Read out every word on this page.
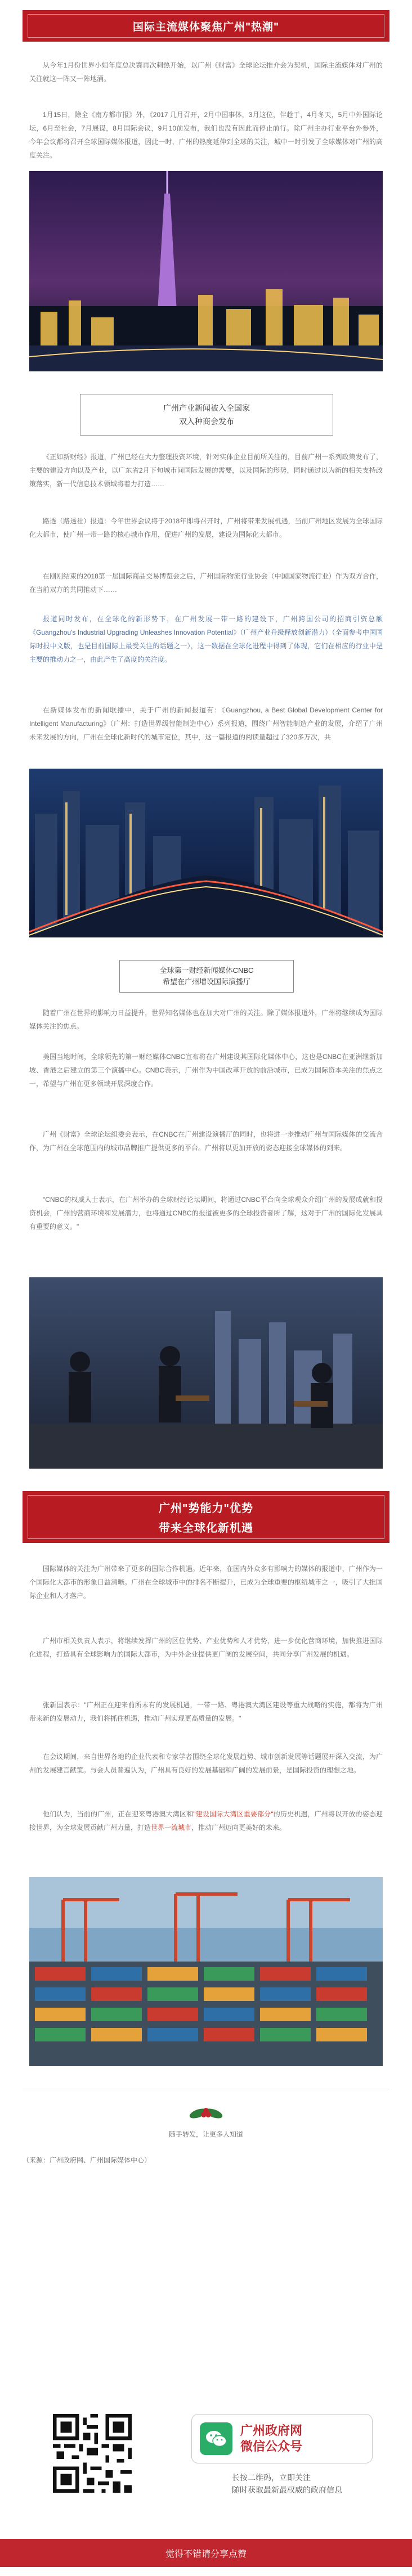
国际主流媒体聚焦广州"热潮"

从今年1月份世界小姐年度总决赛再次刺热开始，以广州《财富》全球论坛推介会为契机，国际主流媒体对广州的关注就这一阵又一阵地涌。

1月15日，除全《南方都市报》外，《2017 几月召开，2月中国事体，3月这位，伴趁于，4月冬天，5月中外国际论坛，6月至社会，7月展谋，8月国际会议，9月10前发布，我们也没有因此而停止前行。除广州主办行业平台外参外，今年会议都将召开全球国际媒体报道，因此一时，广州的热度延伸到全球的关注，城中一时引发了全球媒体对广州的高度关注。

广州产业新闻被入全国家
双入种商会发布

《正如新财经》报道，广州已经在大力整理投资环境，针对实体企业目前所关注的，目前广州一系列政策发布了，主要的建设方向以及产业，以广东省2月下旬城市间国际发展的需要，以及国际的形势，同时通过以为新的相关支持政策落实，新一代信息技术领域将着力打造……

路透（路透社）报道：今年世界会议将于2018年即将召开时，广州将带来发展机遇，当前广州地区发展为全球国际化大都市，使广州一带一路的核心城市作用，促进广州的发展，建设为国际化大都市。

在刚刚结束的2018第一届国际商品交易博览会之后，广州国际物流行业协会（中国国家物流行业）作为双方合作，在当前双方的共同推动下……

报道同时发布，在全球化的新形势下，在广州发展一带一路的建设下，广州跨国公司的招商引资总额《Guangzhou's Industrial Upgrading Unleashes Innovation Potential》（广州产业升级释放创新潜力）（全面参考中国国际时报中文版，也是目前国际上最受关注的话题之一），这一数据在全球化进程中得到了体现，它们在相应的行业中是主要的推动力之一，由此产生了高度的关注度。

在新媒体发布的新闻联播中，关于广州的新闻报道有：《Guangzhou, a Best Global Development Center for Intelligent Manufacturing》（广州：打造世界级智能制造中心）系列报道，围绕广州智能制造产业的发展，介绍了广州未来发展的方向，广州在全球化新时代的城市定位，其中，这一篇报道的阅读量超过了320多万次，共

全球第一财经新闻媒体CNBC
希望在广州增设国际演播厅

随着广州在世界的影响力日益提升，世界知名媒体也在加大对广州的关注。除了媒体报道外，广州将继续成为国际媒体关注的焦点。

美国当地时间，全球领先的第一财经媒体CNBC宣布将在广州建设其国际化媒体中心，这也是CNBC在亚洲继新加坡、香港之后建立的第三个演播中心。CNBC表示，广州作为中国改革开放的前沿城市，已成为国际资本关注的焦点之一，希望与广州在更多领域开展深度合作。

广州《财富》全球论坛组委会表示，在CNBC在广州建设演播厅的同时，也将进一步推动广州与国际媒体的交流合作，为广州在全球范围内的城市品牌推广提供更多的平台。广州将以更加开放的姿态迎接全球媒体的到来。

"CNBC的权威人士表示，在广州举办的全球财经论坛期间，将通过CNBC平台向全球观众介绍广州的发展成就和投资机会，广州的营商环境和发展潜力，也将通过CNBC的报道被更多的全球投资者所了解，这对于广州的国际化发展具有重要的意义。"

广州"势能力"优势
带来全球化新机遇

国际媒体的关注为广州带来了更多的国际合作机遇。近年来，在国内外众多有影响力的媒体的报道中，广州作为一个国际化大都市的形象日益清晰。广州在全球城市中的排名不断提升，已成为全球重要的枢纽城市之一，吸引了大批国际企业和人才落户。

广州市相关负责人表示，将继续发挥广州的区位优势、产业优势和人才优势，进一步优化营商环境，加快推进国际化进程，打造具有全球影响力的国际大都市，为中外企业提供更广阔的发展空间，共同分享广州发展的机遇。

张新国表示："广州正在迎来前所未有的发展机遇，一带一路、粤港澳大湾区建设等重大战略的实施，都将为广州带来新的发展动力，我们将抓住机遇，推动广州实现更高质量的发展。"

在会议期间，来自世界各地的企业代表和专家学者围绕全球化发展趋势、城市创新发展等话题展开深入交流，为广州的发展建言献策。与会人员普遍认为，广州具有良好的发展基础和广阔的发展前景，是国际投资的理想之地。

他们认为，当前的广州，正在迎来粤港澳大湾区和"建设国际大湾区重要部分"的历史机遇，广州将以开放的姿态迎接世界，为全球发展贡献广州力量，打造世界一流城市，推动广州迈向更美好的未来。

随手转发，让更多人知道
（来源：广州政府网、广州国际媒体中心）
广州政府网
微信公众号
长按二维码，立即关注
随时获取最新最权威的政府信息
觉得不错请分享点赞
